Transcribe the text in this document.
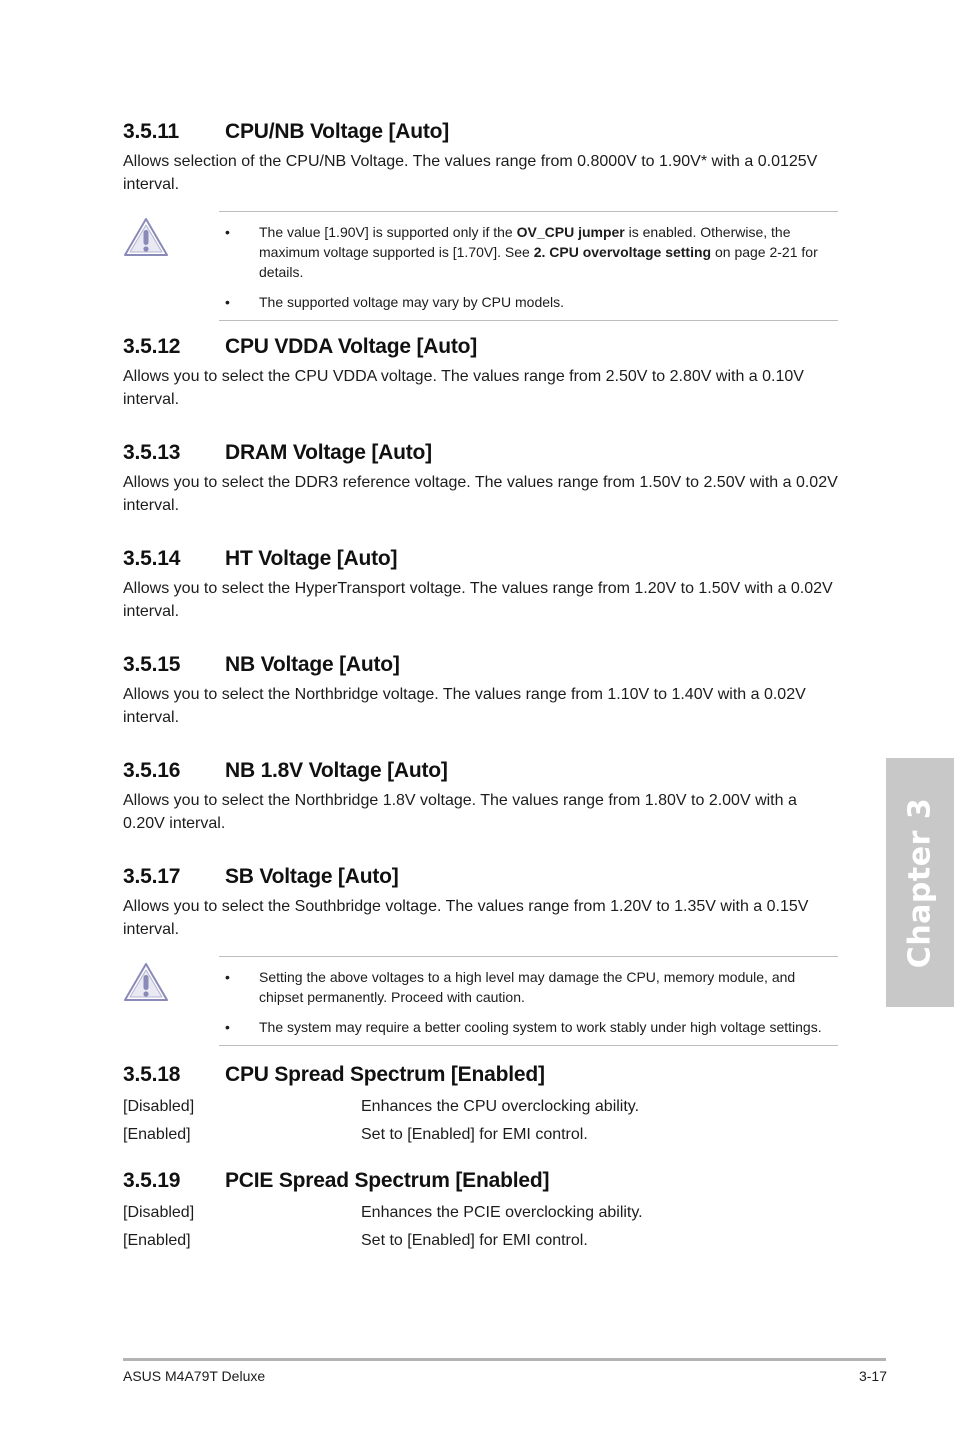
3.5.11	CPU/NB Voltage [Auto]

Allows selection of the CPU/NB Voltage. The values range from 0.8000V to 1.90V* with a 0.0125V interval.

• The value [1.90V] is supported only if the OV_CPU jumper is enabled. Otherwise, the maximum voltage supported is [1.70V]. See 2. CPU overvoltage setting on page 2-21 for details.
• The supported voltage may vary by CPU models.
3.5.12	CPU VDDA Voltage [Auto]

Allows you to select the CPU VDDA voltage. The values range from 2.50V to 2.80V with a 0.10V interval.

3.5.13	DRAM Voltage [Auto]

Allows you to select the DDR3 reference voltage. The values range from 1.50V to 2.50V with a 0.02V interval.

3.5.14	HT Voltage [Auto]

Allows you to select the HyperTransport voltage. The values range from 1.20V to 1.50V with a 0.02V interval.

3.5.15	NB Voltage [Auto]

Allows you to select the Northbridge voltage. The values range from 1.10V to 1.40V with a 0.02V interval.

3.5.16	NB 1.8V Voltage [Auto]

Allows you to select the Northbridge 1.8V voltage. The values range from 1.80V to 2.00V with a 0.20V interval.

3.5.17	SB Voltage [Auto]

Allows you to select the Southbridge voltage. The values range from 1.20V to 1.35V with a 0.15V interval.

• Setting the above voltages to a high level may damage the CPU, memory module, and chipset permanently. Proceed with caution.
• The system may require a better cooling system to work stably under high voltage settings.
3.5.18	CPU Spread Spectrum [Enabled]
[Disabled]	Enhances the CPU overclocking ability.
[Enabled]	Set to [Enabled] for EMI control.
3.5.19	PCIE Spread Spectrum [Enabled]
[Disabled]	Enhances the PCIE overclocking ability.
[Enabled]	Set to [Enabled] for EMI control.
Chapter 3
ASUS M4A79T Deluxe	3-17
